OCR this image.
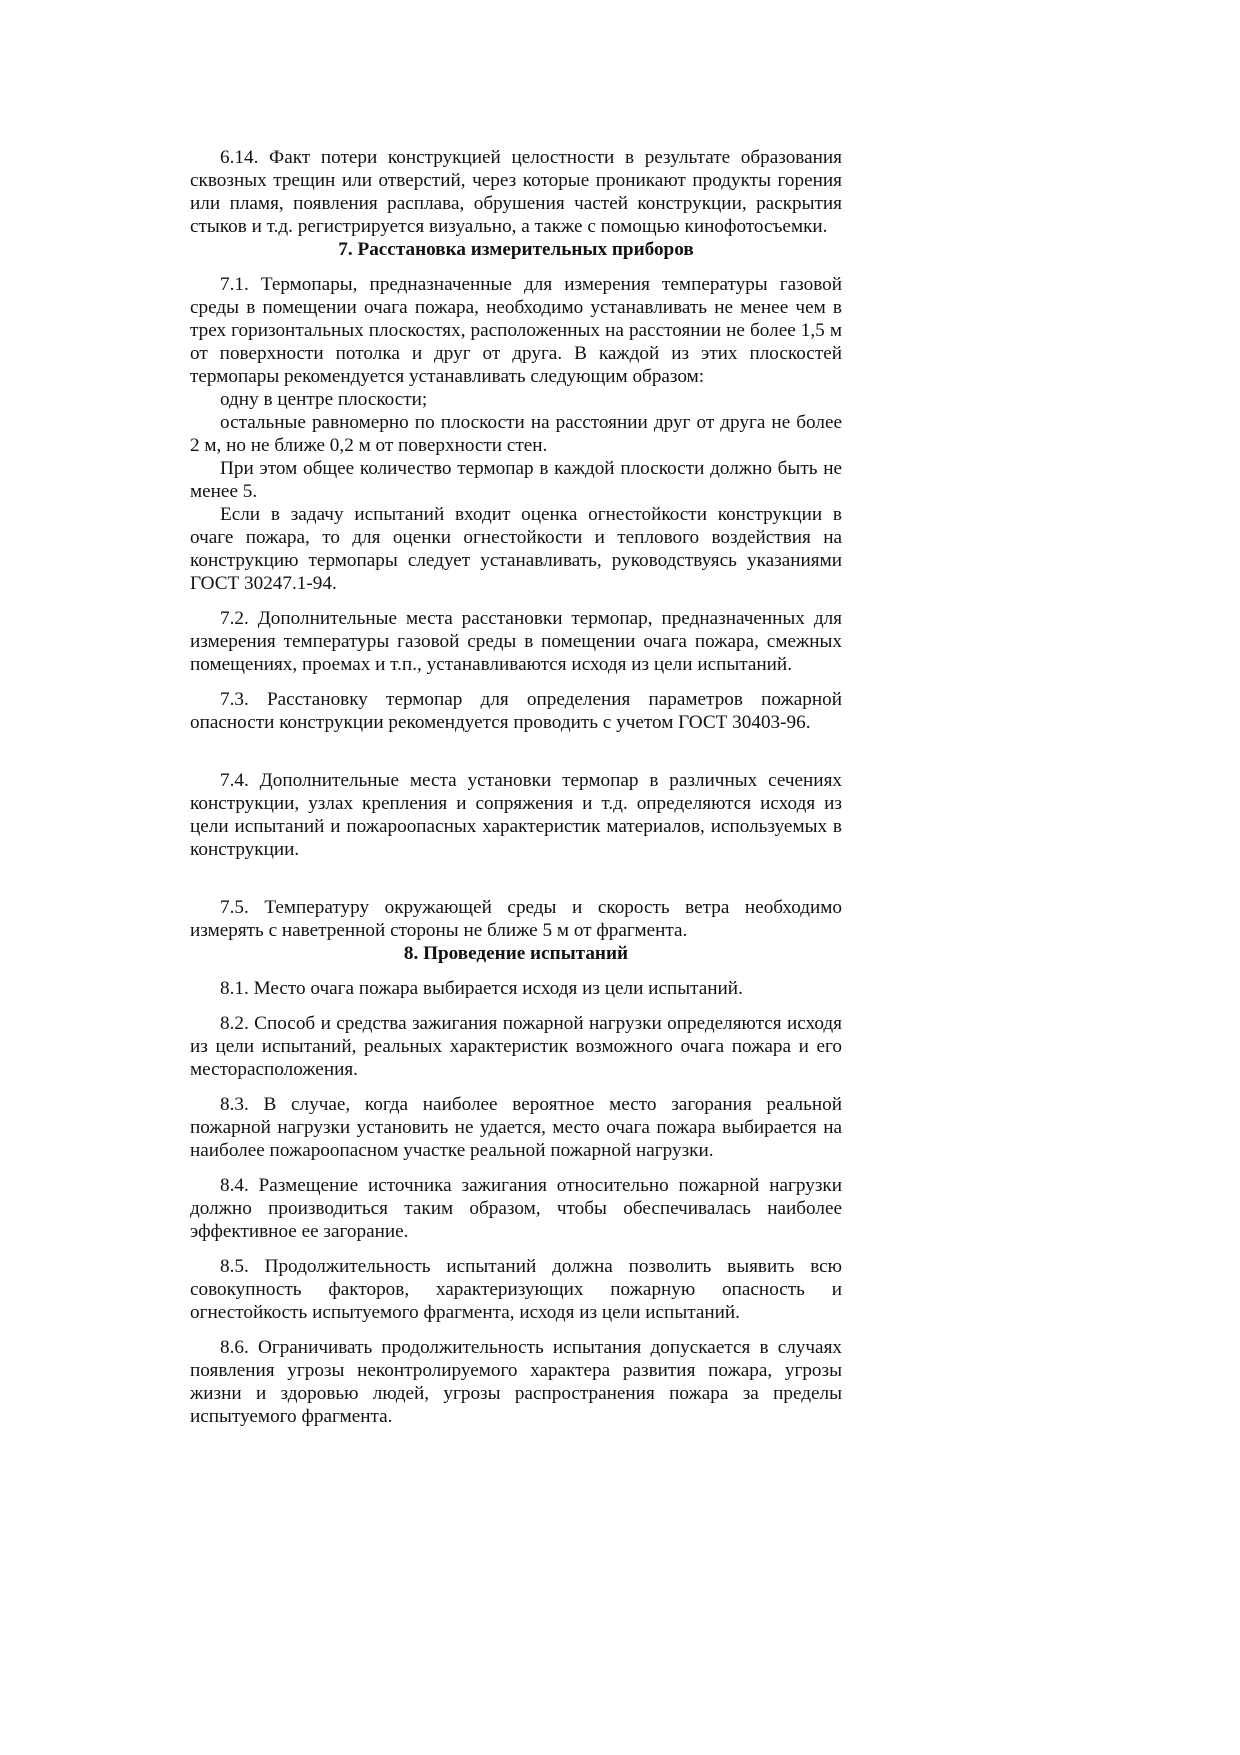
6.14. Факт потери конструкцией целостности в результате образования сквозных трещин или отверстий, через которые проникают продукты горения или пламя, появления расплава, обрушения частей конструкции, раскрытия стыков и т.д. регистрируется визуально, а также с помощью кинофотосъемки.

7. Расстановка измерительных приборов

7.1. Термопары, предназначенные для измерения температуры газовой среды в помещении очага пожара, необходимо устанавливать не менее чем в трех горизонтальных плоскостях, расположенных на расстоянии не более 1,5 м от поверхности потолка и друг от друга. В каждой из этих плоскостей термопары рекомендуется устанавливать следующим образом:

одну в центре плоскости;

остальные равномерно по плоскости на расстоянии друг от друга не более 2 м, но не ближе 0,2 м от поверхности стен.

При этом общее количество термопар в каждой плоскости должно быть не менее 5.

Если в задачу испытаний входит оценка огнестойкости конструкции в очаге пожара, то для оценки огнестойкости и теплового воздействия на конструкцию термопары следует устанавливать, руководствуясь указаниями ГОСТ 30247.1-94.

7.2. Дополнительные места расстановки термопар, предназначенных для измерения температуры газовой среды в помещении очага пожара, смежных помещениях, проемах и т.п., устанавливаются исходя из цели испытаний.

7.3. Расстановку термопар для определения параметров пожарной опасности конструкции рекомендуется проводить с учетом ГОСТ 30403-96.

7.4. Дополнительные места установки термопар в различных сечениях конструкции, узлах крепления и сопряжения и т.д. определяются исходя из цели испытаний и пожароопасных характеристик материалов, используемых в конструкции.

7.5. Температуру окружающей среды и скорость ветра необходимо измерять с наветренной стороны не ближе 5 м от фрагмента.

8. Проведение испытаний

8.1. Место очага пожара выбирается исходя из цели испытаний.

8.2. Способ и средства зажигания пожарной нагрузки определяются исходя из цели испытаний, реальных характеристик возможного очага пожара и его месторасположения.

8.3. В случае, когда наиболее вероятное место загорания реальной пожарной нагрузки установить не удается, место очага пожара выбирается на наиболее пожароопасном участке реальной пожарной нагрузки.

8.4. Размещение источника зажигания относительно пожарной нагрузки должно производиться таким образом, чтобы обеспечивалась наиболее эффективное ее загорание.

8.5. Продолжительность испытаний должна позволить выявить всю совокупность факторов, характеризующих пожарную опасность и огнестойкость испытуемого фрагмента, исходя из цели испытаний.

8.6. Ограничивать продолжительность испытания допускается в случаях появления угрозы неконтролируемого характера развития пожара, угрозы жизни и здоровью людей, угрозы распространения пожара за пределы испытуемого фрагмента.
